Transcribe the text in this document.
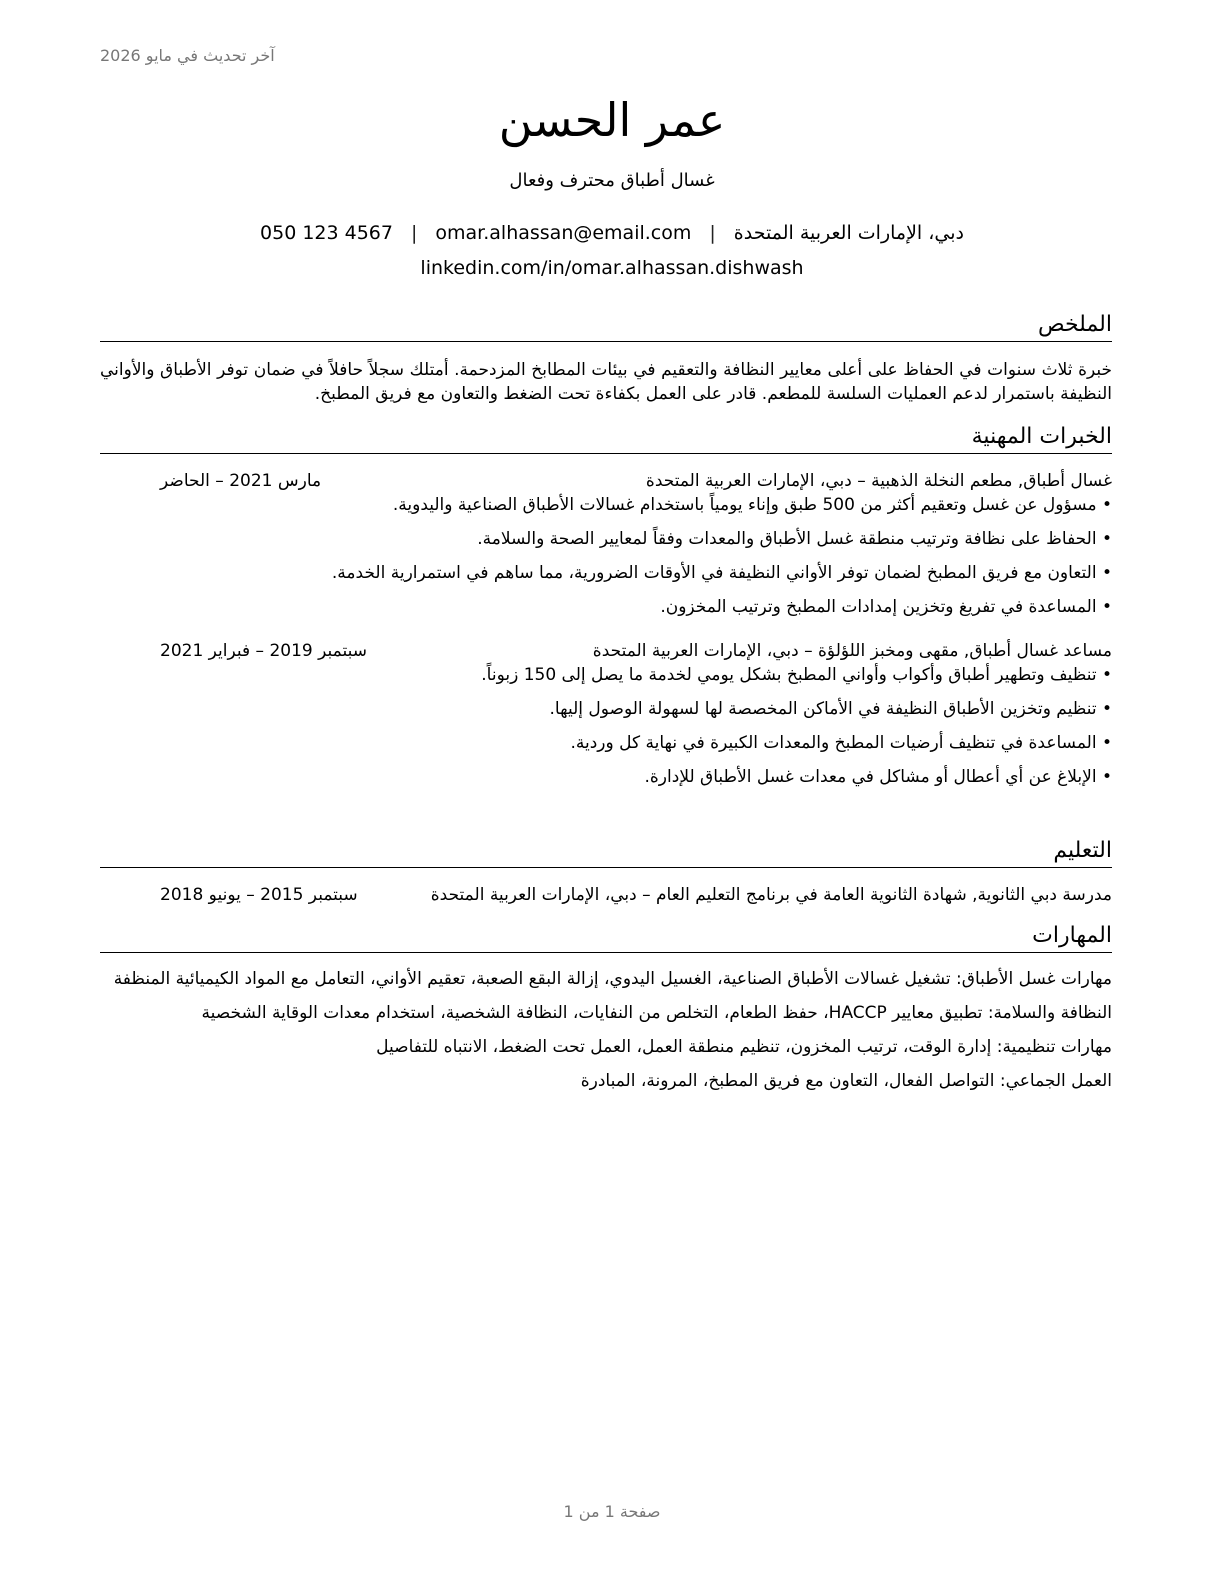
آخر تحديث في مايو 2026
عمر الحسن
غسال أطباق محترف وفعال
050 123 4567 | omar.alhassan@email.com | دبي، الإمارات العربية المتحدة
linkedin.com/in/omar.alhassan.dishwash
الملخص
خبرة ثلاث سنوات في الحفاظ على أعلى معايير النظافة والتعقيم في بيئات المطابخ المزدحمة. أمتلك سجلاً حافلاً في ضمان توفر الأطباق والأواني النظيفة باستمرار لدعم العمليات السلسة للمطعم. قادر على العمل بكفاءة تحت الضغط والتعاون مع فريق المطبخ.
الخبرات المهنية
غسال أطباق, مطعم النخلة الذهبية – دبي، الإمارات العربية المتحدة
مارس 2021 – الحاضر
• مسؤول عن غسل وتعقيم أكثر من 500 طبق وإناء يومياً باستخدام غسالات الأطباق الصناعية واليدوية.
• الحفاظ على نظافة وترتيب منطقة غسل الأطباق والمعدات وفقاً لمعايير الصحة والسلامة.
• التعاون مع فريق المطبخ لضمان توفر الأواني النظيفة في الأوقات الضرورية، مما ساهم في استمرارية الخدمة.
• المساعدة في تفريغ وتخزين إمدادات المطبخ وترتيب المخزون.
مساعد غسال أطباق, مقهى ومخبز اللؤلؤة – دبي، الإمارات العربية المتحدة
سبتمبر 2019 – فبراير 2021
• تنظيف وتطهير أطباق وأكواب وأواني المطبخ بشكل يومي لخدمة ما يصل إلى 150 زبوناً.
• تنظيم وتخزين الأطباق النظيفة في الأماكن المخصصة لها لسهولة الوصول إليها.
• المساعدة في تنظيف أرضيات المطبخ والمعدات الكبيرة في نهاية كل وردية.
• الإبلاغ عن أي أعطال أو مشاكل في معدات غسل الأطباق للإدارة.
التعليم
مدرسة دبي الثانوية, شهادة الثانوية العامة في برنامج التعليم العام – دبي، الإمارات العربية المتحدة
سبتمبر 2015 – يونيو 2018
المهارات
مهارات غسل الأطباق: تشغيل غسالات الأطباق الصناعية، الغسيل اليدوي، إزالة البقع الصعبة، تعقيم الأواني، التعامل مع المواد الكيميائية المنظفة
النظافة والسلامة: تطبيق معايير HACCP، حفظ الطعام، التخلص من النفايات، النظافة الشخصية، استخدام معدات الوقاية الشخصية
مهارات تنظيمية: إدارة الوقت، ترتيب المخزون، تنظيم منطقة العمل، العمل تحت الضغط، الانتباه للتفاصيل
العمل الجماعي: التواصل الفعال، التعاون مع فريق المطبخ، المرونة، المبادرة
صفحة 1 من 1
